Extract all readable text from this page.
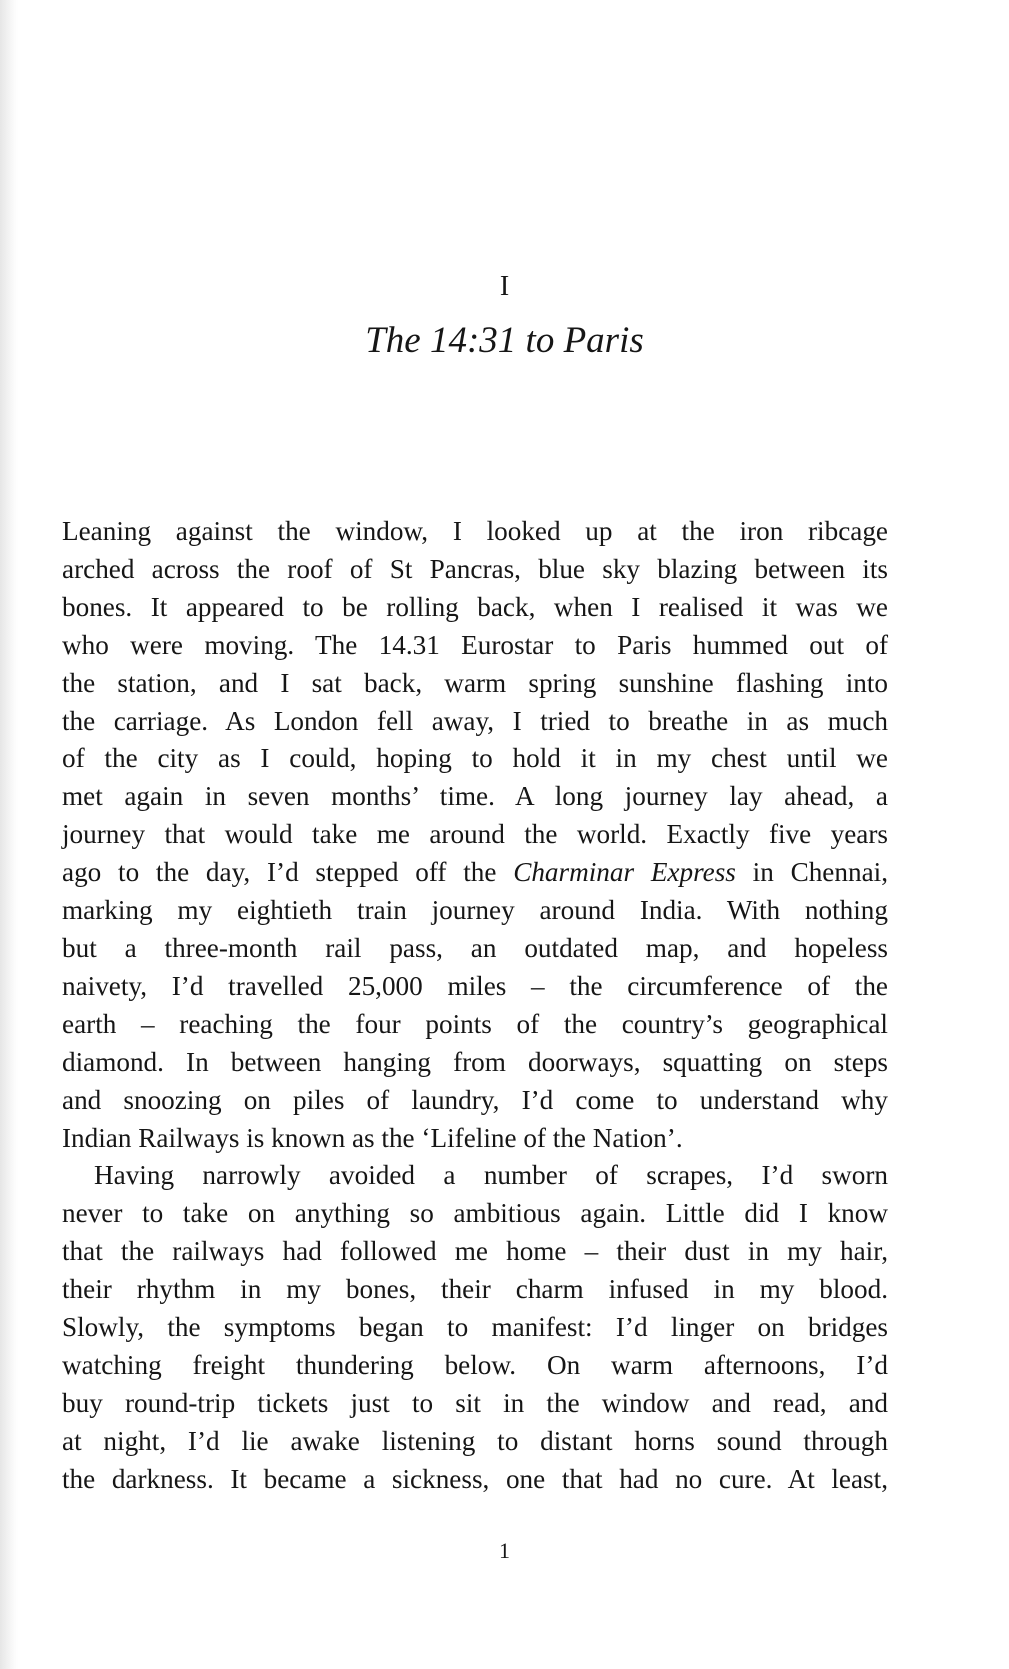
I
The 14:31 to Paris
Leaning against the window, I looked up at the iron ribcage
arched across the roof of St Pancras, blue sky blazing between its
bones. It appeared to be rolling back, when I realised it was we
who were moving. The 14.31 Eurostar to Paris hummed out of
the station, and I sat back, warm spring sunshine flashing into
the carriage. As London fell away, I tried to breathe in as much
of the city as I could, hoping to hold it in my chest until we
met again in seven months’ time. A long journey lay ahead, a
journey that would take me around the world. Exactly five years
ago to the day, I’d stepped off the Charminar Express in Chennai,
marking my eightieth train journey around India. With nothing
but a three-month rail pass, an outdated map, and hopeless
naivety, I’d travelled 25,000 miles – the circumference of the
earth – reaching the four points of the country’s geographical
diamond. In between hanging from doorways, squatting on steps
and snoozing on piles of laundry, I’d come to understand why
Indian Railways is known as the ‘Lifeline of the Nation’.
Having narrowly avoided a number of scrapes, I’d sworn
never to take on anything so ambitious again. Little did I know
that the railways had followed me home – their dust in my hair,
their rhythm in my bones, their charm infused in my blood.
Slowly, the symptoms began to manifest: I’d linger on bridges
watching freight thundering below. On warm afternoons, I’d
buy round-trip tickets just to sit in the window and read, and
at night, I’d lie awake listening to distant horns sound through
the darkness. It became a sickness, one that had no cure. At least,
1
